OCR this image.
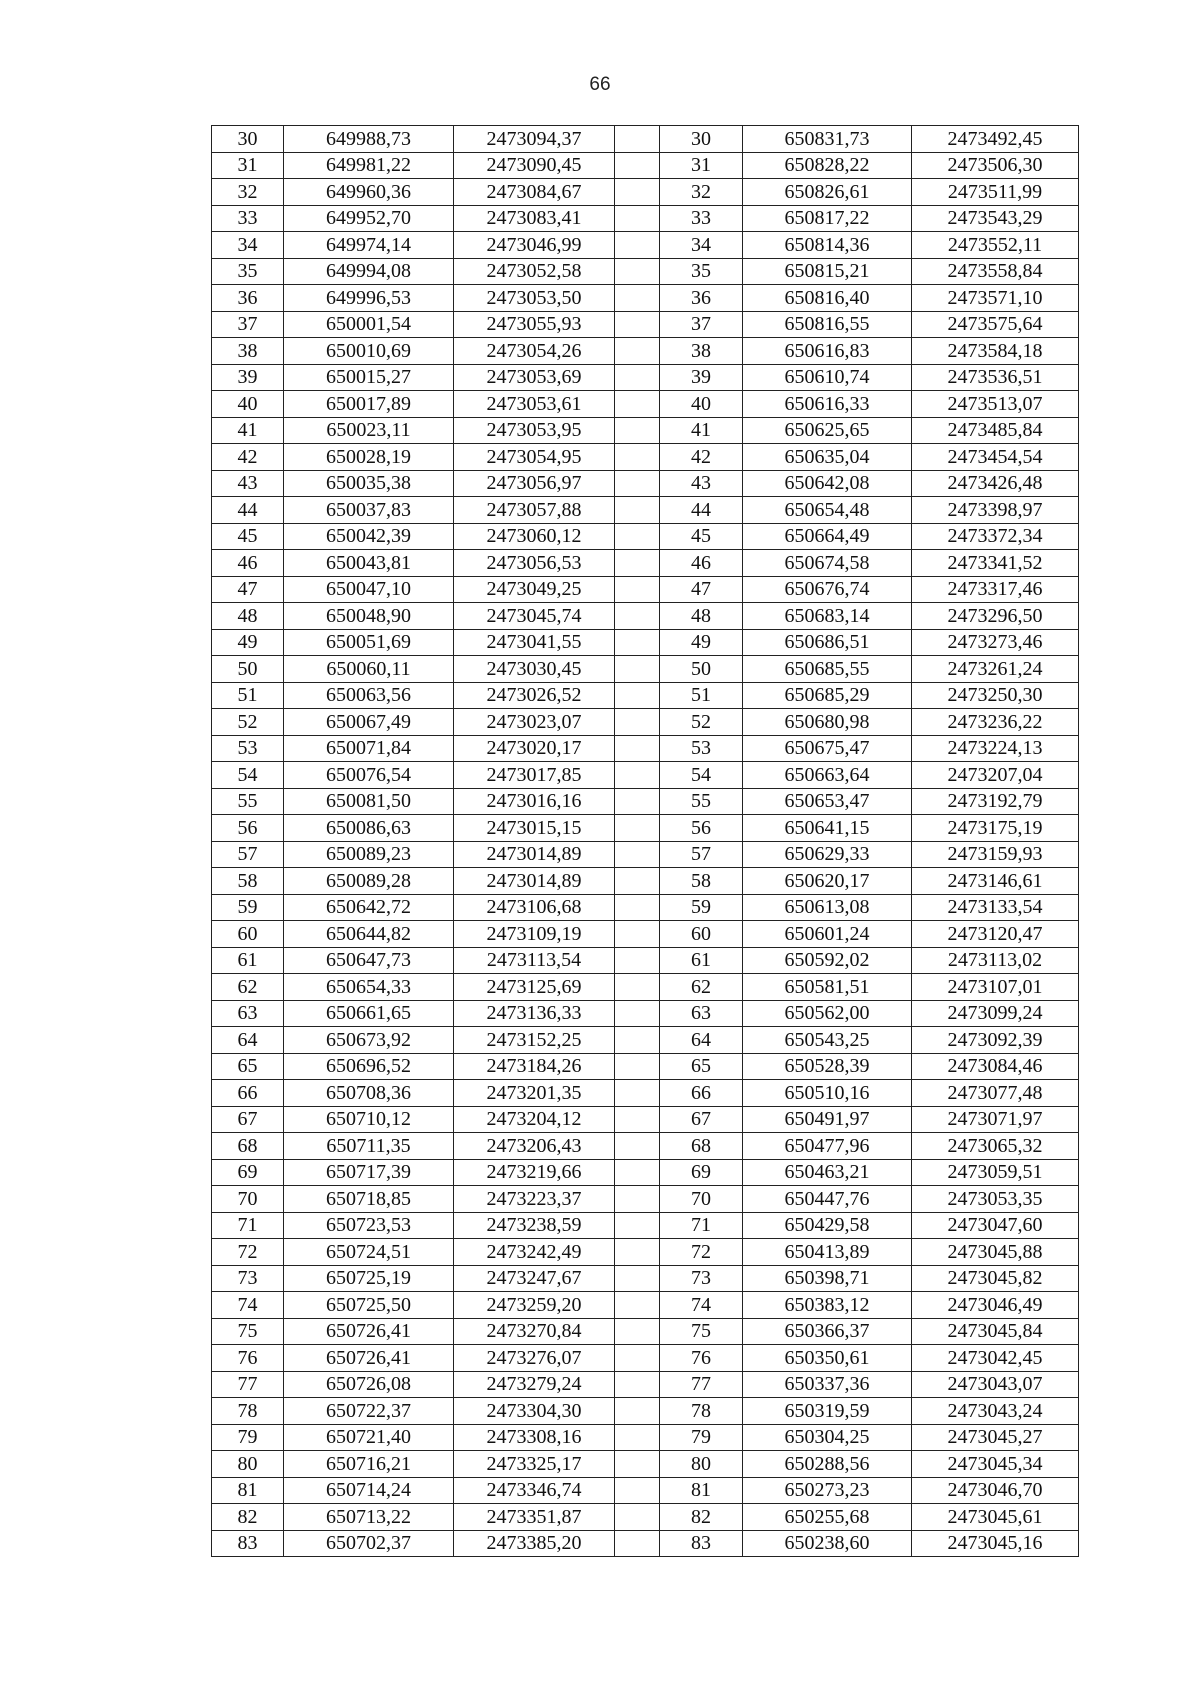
66
30	649988,73	2473094,37		30	650831,73	2473492,45
31	649981,22	2473090,45		31	650828,22	2473506,30
32	649960,36	2473084,67		32	650826,61	2473511,99
33	649952,70	2473083,41		33	650817,22	2473543,29
34	649974,14	2473046,99		34	650814,36	2473552,11
35	649994,08	2473052,58		35	650815,21	2473558,84
36	649996,53	2473053,50		36	650816,40	2473571,10
37	650001,54	2473055,93		37	650816,55	2473575,64
38	650010,69	2473054,26		38	650616,83	2473584,18
39	650015,27	2473053,69		39	650610,74	2473536,51
40	650017,89	2473053,61		40	650616,33	2473513,07
41	650023,11	2473053,95		41	650625,65	2473485,84
42	650028,19	2473054,95		42	650635,04	2473454,54
43	650035,38	2473056,97		43	650642,08	2473426,48
44	650037,83	2473057,88		44	650654,48	2473398,97
45	650042,39	2473060,12		45	650664,49	2473372,34
46	650043,81	2473056,53		46	650674,58	2473341,52
47	650047,10	2473049,25		47	650676,74	2473317,46
48	650048,90	2473045,74		48	650683,14	2473296,50
49	650051,69	2473041,55		49	650686,51	2473273,46
50	650060,11	2473030,45		50	650685,55	2473261,24
51	650063,56	2473026,52		51	650685,29	2473250,30
52	650067,49	2473023,07		52	650680,98	2473236,22
53	650071,84	2473020,17		53	650675,47	2473224,13
54	650076,54	2473017,85		54	650663,64	2473207,04
55	650081,50	2473016,16		55	650653,47	2473192,79
56	650086,63	2473015,15		56	650641,15	2473175,19
57	650089,23	2473014,89		57	650629,33	2473159,93
58	650089,28	2473014,89		58	650620,17	2473146,61
59	650642,72	2473106,68		59	650613,08	2473133,54
60	650644,82	2473109,19		60	650601,24	2473120,47
61	650647,73	2473113,54		61	650592,02	2473113,02
62	650654,33	2473125,69		62	650581,51	2473107,01
63	650661,65	2473136,33		63	650562,00	2473099,24
64	650673,92	2473152,25		64	650543,25	2473092,39
65	650696,52	2473184,26		65	650528,39	2473084,46
66	650708,36	2473201,35		66	650510,16	2473077,48
67	650710,12	2473204,12		67	650491,97	2473071,97
68	650711,35	2473206,43		68	650477,96	2473065,32
69	650717,39	2473219,66		69	650463,21	2473059,51
70	650718,85	2473223,37		70	650447,76	2473053,35
71	650723,53	2473238,59		71	650429,58	2473047,60
72	650724,51	2473242,49		72	650413,89	2473045,88
73	650725,19	2473247,67		73	650398,71	2473045,82
74	650725,50	2473259,20		74	650383,12	2473046,49
75	650726,41	2473270,84		75	650366,37	2473045,84
76	650726,41	2473276,07		76	650350,61	2473042,45
77	650726,08	2473279,24		77	650337,36	2473043,07
78	650722,37	2473304,30		78	650319,59	2473043,24
79	650721,40	2473308,16		79	650304,25	2473045,27
80	650716,21	2473325,17		80	650288,56	2473045,34
81	650714,24	2473346,74		81	650273,23	2473046,70
82	650713,22	2473351,87		82	650255,68	2473045,61
83	650702,37	2473385,20		83	650238,60	2473045,16
